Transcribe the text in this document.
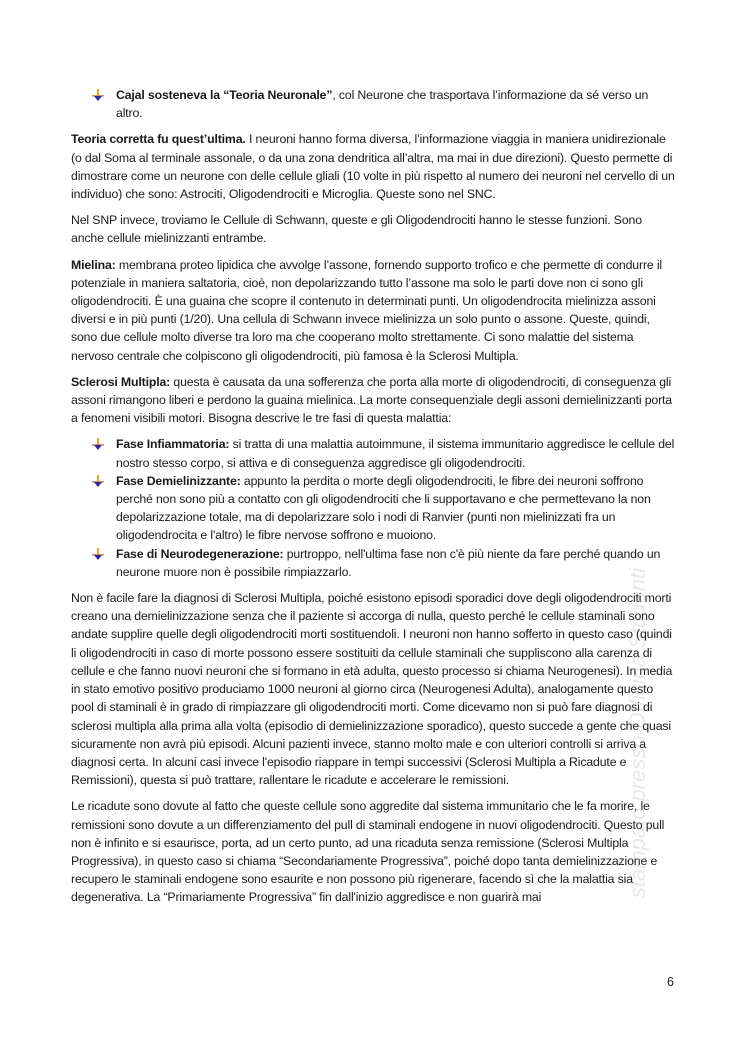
Cajal sosteneva la “Teoria Neuronale”, col Neurone che trasportava l’informazione da sé verso un altro.

Teoria corretta fu quest’ultima. I neuroni hanno forma diversa, l’informazione viaggia in maniera unidirezionale (o dal Soma al terminale assonale, o da una zona dendritica all’altra, ma mai in due direzioni). Questo permette di dimostrare come un neurone con delle cellule gliali (10 volte in più rispetto al numero dei neuroni nel cervello di un individuo) che sono: Astrociti, Oligodendrociti e Microglia. Queste sono nel SNC.

Nel SNP invece, troviamo le Cellule di Schwann, queste e gli Oligodendrociti hanno le stesse funzioni. Sono anche cellule mielinizzanti entrambe.

Mielina: membrana proteo lipidica che avvolge l’assone, fornendo supporto trofico e che permette di condurre il potenziale in maniera saltatoria, cioè, non depolarizzando tutto l’assone ma solo le parti dove non ci sono gli oligodendrociti. È una guaina che scopre il contenuto in determinati punti. Un oligodendrocita mielinizza assoni diversi e in più punti (1/20). Una cellula di Schwann invece mielinizza un solo punto o assone. Queste, quindi, sono due cellule molto diverse tra loro ma che cooperano molto strettamente. Ci sono malattie del sistema nervoso centrale che colpiscono gli oligodendrociti, più famosa è la Sclerosi Multipla.

Sclerosi Multipla: questa è causata da una sofferenza che porta alla morte di oligodendrociti, di conseguenza gli assoni rimangono liberi e perdono la guaina mielinica. La morte consequenziale degli assoni demielinizzanti porta a fenomeni visibili motori. Bisogna descrive le tre fasi di questa malattia:

Fase Infiammatoria: si tratta di una malattia autoimmune, il sistema immunitario aggredisce le cellule del nostro stesso corpo, si attiva e di conseguenza aggredisce gli oligodendrociti.
Fase Demielinizzante: appunto la perdita o morte degli oligodendrociti, le fibre dei neuroni soffrono perché non sono più a contatto con gli oligodendrociti che li supportavano e che permettevano la non depolarizzazione totale, ma di depolarizzare solo i nodi di Ranvier (punti non mielinizzati fra un oligodendrocita e l'altro) le fibre nervose soffrono e muoiono.
Fase di Neurodegenerazione: purtroppo, nell'ultima fase non c'è più niente da fare perché quando un neurone muore non è possibile rimpiazzarlo.

Non è facile fare la diagnosi di Sclerosi Multipla, poiché esistono episodi sporadici dove degli oligodendrociti morti creano una demielinizzazione senza che il paziente si accorga di nulla, questo perché le cellule staminali sono andate supplire quelle degli oligodendrociti morti sostituendoli. I neuroni non hanno sofferto in questo caso (quindi li oligodendrociti in caso di morte possono essere sostituiti da cellule staminali che suppliscono alla carenza di cellule e che fanno nuovi neuroni che si formano in età adulta, questo processo si chiama Neurogenesi). In media in stato emotivo positivo produciamo 1000 neuroni al giorno circa (Neurogenesi Adulta), analogamente questo pool di staminali è in grado di rimpiazzare gli oligodendrociti morti. Come dicevamo non si può fare diagnosi di sclerosi multipla alla prima alla volta (episodio di demielinizzazione sporadico), questo succede a gente che quasi sicuramente non avrà più episodi. Alcuni pazienti invece, stanno molto male e con ulteriori controlli si arriva a diagnosi certa. In alcuni casi invece l'episodio riappare in tempi successivi (Sclerosi Multipla a Ricadute e Remissioni), questa si può trattare, rallentare le ricadute e accelerare le remissioni.

Le ricadute sono dovute al fatto che queste cellule sono aggredite dal sistema immunitario che le fa morire, le remissioni sono dovute a un differenziamento del pull di staminali endogene in nuovi oligodendrociti. Questo pull non è infinito e si esaurisce, porta, ad un certo punto, ad una ricaduta senza remissione (Sclerosi Multipla Progressiva), in questo caso si chiama “Secondariamente Progressiva”, poiché dopo tanta demielinizzazione e recupero le staminali endogene sono esaurite e non possono più rigenerare, facendo sì che la malattia sia degenerativa. La “Primariamente Progressiva” fin dall'inizio aggredisce e non guarirà mai	stampato presso Officina Studenti
6
